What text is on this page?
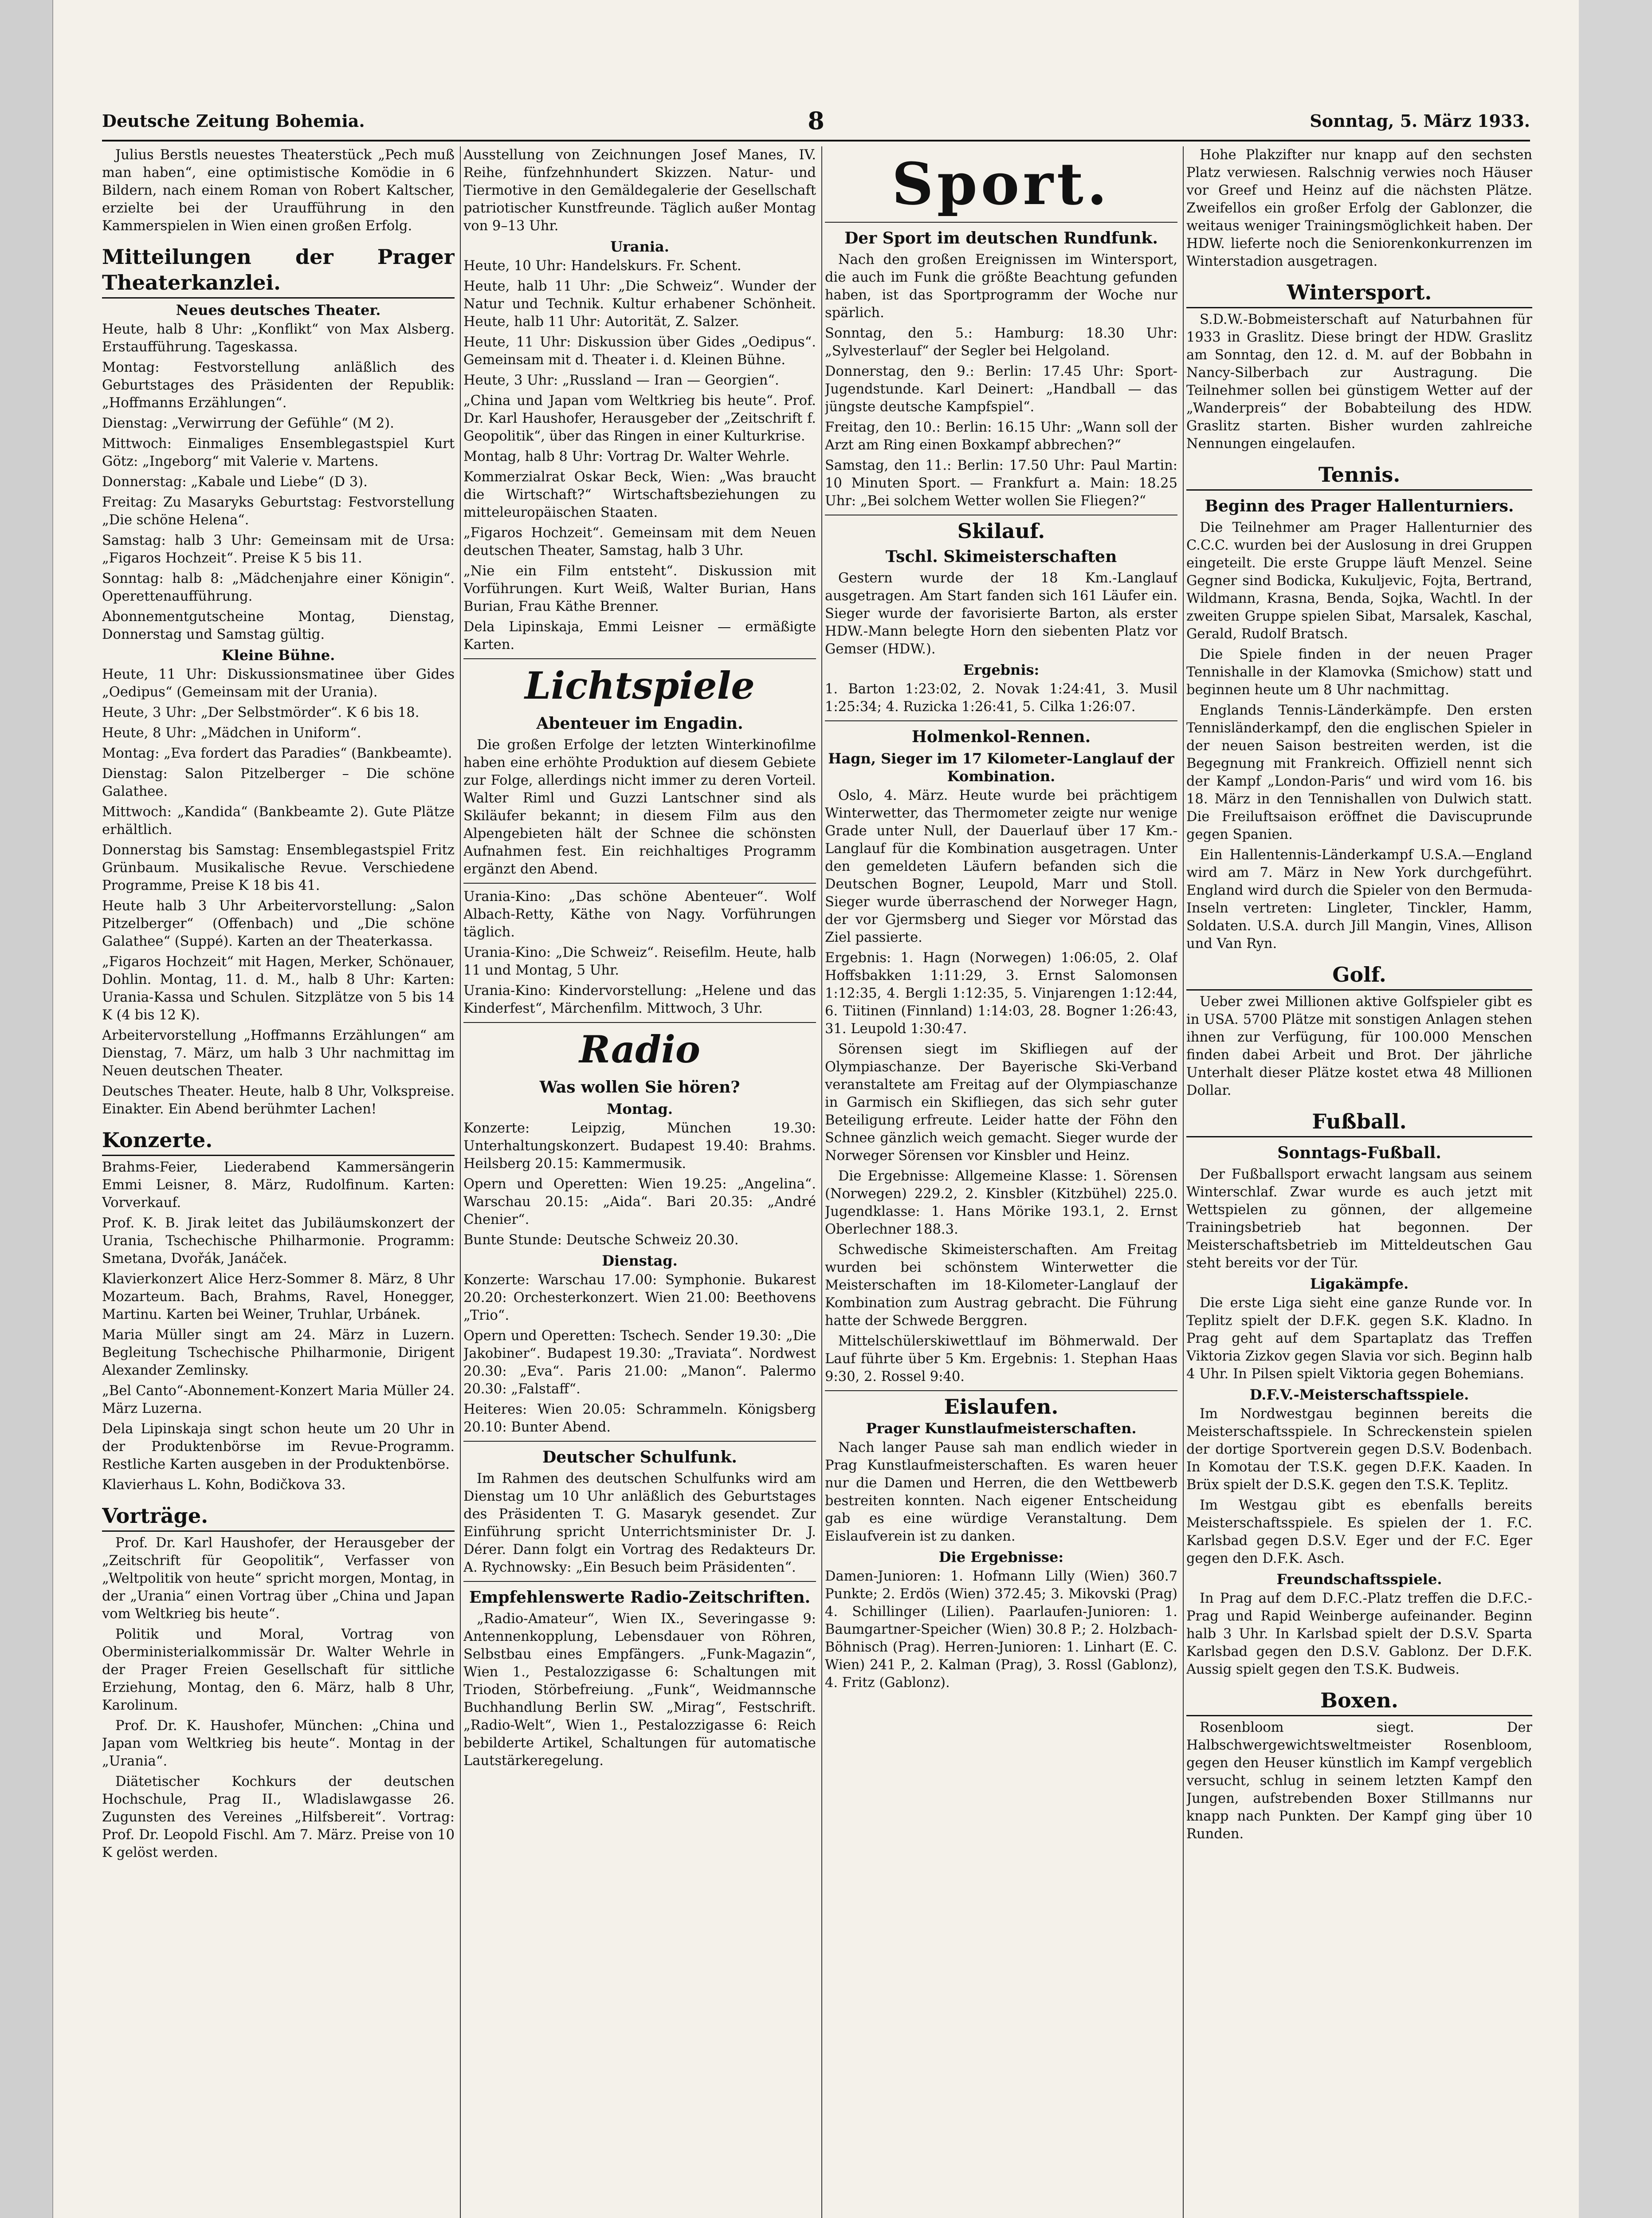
Deutsche Zeitung Bohemia.	8	Sonntag, 5. März 1933.

Julius Berstls neuestes Theaterstück „Pech muß man haben“, eine optimistische Komödie in 6 Bildern, nach einem Roman von Robert Kaltscher, erzielte bei der Uraufführung in den Kammerspielen in Wien einen großen Erfolg.

Mitteilungen der Prager Theaterkanzlei.
Neues deutsches Theater.

Heute, halb 8 Uhr: „Konflikt“ von Max Alsberg. Erstaufführung. Tageskassa.

Montag: Festvorstellung anläßlich des Geburtstages des Präsidenten der Republik: „Hoffmanns Erzählungen“.

Dienstag: „Verwirrung der Gefühle“ (M 2).

Mittwoch: Einmaliges Ensemblegastspiel Kurt Götz: „Ingeborg“ mit Valerie v. Martens.

Donnerstag: „Kabale und Liebe“ (D 3).

Freitag: Zu Masaryks Geburtstag: Festvorstellung „Die schöne Helena“.

Samstag: halb 3 Uhr: Gemeinsam mit de Ursa: „Figaros Hochzeit“. Preise K 5 bis 11.

Sonntag: halb 8: „Mädchenjahre einer Königin“. Operettenaufführung.

Abonnementgutscheine Montag, Dienstag, Donnerstag und Samstag gültig.

Kleine Bühne.

Heute, 11 Uhr: Diskussionsmatinee über Gides „Oedipus“ (Gemeinsam mit der Urania).

Heute, 3 Uhr: „Der Selbstmörder“. K 6 bis 18.

Heute, 8 Uhr: „Mädchen in Uniform“.

Montag: „Eva fordert das Paradies“ (Bankbeamte).

Dienstag: Salon Pitzelberger – Die schöne Galathee.

Mittwoch: „Kandida“ (Bankbeamte 2). Gute Plätze erhältlich.

Donnerstag bis Samstag: Ensemblegastspiel Fritz Grünbaum. Musikalische Revue. Verschiedene Programme, Preise K 18 bis 41.

Heute halb 3 Uhr Arbeitervorstellung: „Salon Pitzelberger“ (Offenbach) und „Die schöne Galathee“ (Suppé). Karten an der Theaterkassa.

„Figaros Hochzeit“ mit Hagen, Merker, Schönauer, Dohlin. Montag, 11. d. M., halb 8 Uhr: Karten: Urania-Kassa und Schulen. Sitzplätze von 5 bis 14 K (4 bis 12 K).

Arbeitervorstellung „Hoffmanns Erzählungen“ am Dienstag, 7. März, um halb 3 Uhr nachmittag im Neuen deutschen Theater.

Deutsches Theater. Heute, halb 8 Uhr, Volkspreise. Einakter. Ein Abend berühmter Lachen!

Konzerte.

Brahms-Feier, Liederabend Kammersängerin Emmi Leisner, 8. März, Rudolfinum. Karten: Vorverkauf.

Prof. K. B. Jirak leitet das Jubiläumskonzert der Urania, Tschechische Philharmonie. Programm: Smetana, Dvořák, Janáček.

Klavierkonzert Alice Herz-Sommer 8. März, 8 Uhr Mozarteum. Bach, Brahms, Ravel, Honegger, Martinu. Karten bei Weiner, Truhlar, Urbánek.

Maria Müller singt am 24. März in Luzern. Begleitung Tschechische Philharmonie, Dirigent Alexander Zemlinsky.

„Bel Canto“-Abonnement-Konzert Maria Müller 24. März Luzerna.

Dela Lipinskaja singt schon heute um 20 Uhr in der Produktenbörse im Revue-Programm. Restliche Karten ausgeben in der Produktenbörse.

Klavierhaus L. Kohn, Bodičkova 33.

Vorträge.

Prof. Dr. Karl Haushofer, der Herausgeber der „Zeitschrift für Geopolitik“, Verfasser von „Weltpolitik von heute“ spricht morgen, Montag, in der „Urania“ einen Vortrag über „China und Japan vom Weltkrieg bis heute“.

Politik und Moral, Vortrag von Oberministerialkommissär Dr. Walter Wehrle in der Prager Freien Gesellschaft für sittliche Erziehung, Montag, den 6. März, halb 8 Uhr, Karolinum.

Prof. Dr. K. Haushofer, München: „China und Japan vom Weltkrieg bis heute“. Montag in der „Urania“.

Diätetischer Kochkurs der deutschen Hochschule, Prag II., Wladislawgasse 26. Zugunsten des Vereines „Hilfsbereit“. Vortrag: Prof. Dr. Leopold Fischl. Am 7. März. Preise von 10 K gelöst werden.

Ausstellung von Zeichnungen Josef Manes, IV. Reihe, fünfzehnhundert Skizzen. Natur- und Tiermotive in den Gemäldegalerie der Gesellschaft patriotischer Kunstfreunde. Täglich außer Montag von 9–13 Uhr.

Urania.

Heute, 10 Uhr: Handelskurs. Fr. Schent.

Heute, halb 11 Uhr: „Die Schweiz“. Wunder der Natur und Technik. Kultur erhabener Schönheit. Heute, halb 11 Uhr: Autorität, Z. Salzer.

Heute, 11 Uhr: Diskussion über Gides „Oedipus“. Gemeinsam mit d. Theater i. d. Kleinen Bühne.

Heute, 3 Uhr: „Russland — Iran — Georgien“.

„China und Japan vom Weltkrieg bis heute“. Prof. Dr. Karl Haushofer, Herausgeber der „Zeitschrift f. Geopolitik“, über das Ringen in einer Kulturkrise.

Montag, halb 8 Uhr: Vortrag Dr. Walter Wehrle.

Kommerzialrat Oskar Beck, Wien: „Was braucht die Wirtschaft?“ Wirtschaftsbeziehungen zu mitteleuropäischen Staaten.

„Figaros Hochzeit“. Gemeinsam mit dem Neuen deutschen Theater, Samstag, halb 3 Uhr.

„Nie ein Film entsteht“. Diskussion mit Vorführungen. Kurt Weiß, Walter Burian, Hans Burian, Frau Käthe Brenner.

Dela Lipinskaja, Emmi Leisner — ermäßigte Karten.

Lichtspiele
Abenteuer im Engadin.

Die großen Erfolge der letzten Winterkinofilme haben eine erhöhte Produktion auf diesem Gebiete zur Folge, allerdings nicht immer zu deren Vorteil. Walter Riml und Guzzi Lantschner sind als Skiläufer bekannt; in diesem Film aus den Alpengebieten hält der Schnee die schönsten Aufnahmen fest. Ein reichhaltiges Programm ergänzt den Abend.

Urania-Kino: „Das schöne Abenteuer“. Wolf Albach-Retty, Käthe von Nagy. Vorführungen täglich.

Urania-Kino: „Die Schweiz“. Reisefilm. Heute, halb 11 und Montag, 5 Uhr.

Urania-Kino: Kindervorstellung: „Helene und das Kinderfest“, Märchenfilm. Mittwoch, 3 Uhr.

Radio
Was wollen Sie hören?
Montag.

Konzerte: Leipzig, München 19.30: Unterhaltungskonzert. Budapest 19.40: Brahms. Heilsberg 20.15: Kammermusik.

Opern und Operetten: Wien 19.25: „Angelina“. Warschau 20.15: „Aida“. Bari 20.35: „André Chenier“.

Bunte Stunde: Deutsche Schweiz 20.30.

Dienstag.

Konzerte: Warschau 17.00: Symphonie. Bukarest 20.20: Orchesterkonzert. Wien 21.00: Beethovens „Trio“.

Opern und Operetten: Tschech. Sender 19.30: „Die Jakobiner“. Budapest 19.30: „Traviata“. Nordwest 20.30: „Eva“. Paris 21.00: „Manon“. Palermo 20.30: „Falstaff“.

Heiteres: Wien 20.05: Schrammeln. Königsberg 20.10: Bunter Abend.

Deutscher Schulfunk.

Im Rahmen des deutschen Schulfunks wird am Dienstag um 10 Uhr anläßlich des Geburtstages des Präsidenten T. G. Masaryk gesendet. Zur Einführung spricht Unterrichtsminister Dr. J. Dérer. Dann folgt ein Vortrag des Redakteurs Dr. A. Rychnowsky: „Ein Besuch beim Präsidenten“.

Empfehlenswerte Radio-Zeitschriften.

„Radio-Amateur“, Wien IX., Severingasse 9: Antennenkopplung, Lebensdauer von Röhren, Selbstbau eines Empfängers. „Funk-Magazin“, Wien 1., Pestalozzigasse 6: Schaltungen mit Trioden, Störbefreiung. „Funk“, Weidmannsche Buchhandlung Berlin SW. „Mirag“, Festschrift. „Radio-Welt“, Wien 1., Pestalozzigasse 6: Reich bebilderte Artikel, Schaltungen für automatische Lautstärkeregelung.

Sport.
Der Sport im deutschen Rundfunk.

Nach den großen Ereignissen im Wintersport, die auch im Funk die größte Beachtung gefunden haben, ist das Sportprogramm der Woche nur spärlich.

Sonntag, den 5.: Hamburg: 18.30 Uhr: „Sylvesterlauf“ der Segler bei Helgoland.

Donnerstag, den 9.: Berlin: 17.45 Uhr: Sport-Jugendstunde. Karl Deinert: „Handball — das jüngste deutsche Kampfspiel“.

Freitag, den 10.: Berlin: 16.15 Uhr: „Wann soll der Arzt am Ring einen Boxkampf abbrechen?“

Samstag, den 11.: Berlin: 17.50 Uhr: Paul Martin: 10 Minuten Sport. — Frankfurt a. Main: 18.25 Uhr: „Bei solchem Wetter wollen Sie Fliegen?“

Skilauf.
Tschl. Skimeisterschaften

Gestern wurde der 18 Km.-Langlauf ausgetragen. Am Start fanden sich 161 Läufer ein. Sieger wurde der favorisierte Barton, als erster HDW.-Mann belegte Horn den siebenten Platz vor Gemser (HDW.).

Ergebnis:

1. Barton 1:23:02, 2. Novak 1:24:41, 3. Musil 1:25:34; 4. Ruzicka 1:26:41, 5. Cilka 1:26:07.

Holmenkol-Rennen.
Hagn, Sieger im 17 Kilometer-Langlauf der Kombination.

Oslo, 4. März. Heute wurde bei prächtigem Winterwetter, das Thermometer zeigte nur wenige Grade unter Null, der Dauerlauf über 17 Km.-Langlauf für die Kombination ausgetragen. Unter den gemeldeten Läufern befanden sich die Deutschen Bogner, Leupold, Marr und Stoll. Sieger wurde überraschend der Norweger Hagn, der vor Gjermsberg und Sieger vor Mörstad das Ziel passierte.

Ergebnis: 1. Hagn (Norwegen) 1:06:05, 2. Olaf Hoffsbakken 1:11:29, 3. Ernst Salomonsen 1:12:35, 4. Bergli 1:12:35, 5. Vinjarengen 1:12:44, 6. Tiitinen (Finnland) 1:14:03, 28. Bogner 1:26:43, 31. Leupold 1:30:47.

Sörensen siegt im Skifliegen auf der Olympiaschanze. Der Bayerische Ski-Verband veranstaltete am Freitag auf der Olympiaschanze in Garmisch ein Skifliegen, das sich sehr guter Beteiligung erfreute. Leider hatte der Föhn den Schnee gänzlich weich gemacht. Sieger wurde der Norweger Sörensen vor Kinsbler und Heinz.

Die Ergebnisse: Allgemeine Klasse: 1. Sörensen (Norwegen) 229.2, 2. Kinsbler (Kitzbühel) 225.0. Jugendklasse: 1. Hans Mörike 193.1, 2. Ernst Oberlechner 188.3.

Schwedische Skimeisterschaften. Am Freitag wurden bei schönstem Winterwetter die Meisterschaften im 18-Kilometer-Langlauf der Kombination zum Austrag gebracht. Die Führung hatte der Schwede Berggren.

Mittelschülerskiwettlauf im Böhmerwald. Der Lauf führte über 5 Km. Ergebnis: 1. Stephan Haas 9:30, 2. Rossel 9:40.

Eislaufen.
Prager Kunstlaufmeisterschaften.

Nach langer Pause sah man endlich wieder in Prag Kunstlaufmeisterschaften. Es waren heuer nur die Damen und Herren, die den Wettbewerb bestreiten konnten. Nach eigener Entscheidung gab es eine würdige Veranstaltung. Dem Eislaufverein ist zu danken.

Die Ergebnisse:

Damen-Junioren: 1. Hofmann Lilly (Wien) 360.7 Punkte; 2. Erdös (Wien) 372.45; 3. Mikovski (Prag) 4. Schillinger (Lilien). Paarlaufen-Junioren: 1. Baumgartner-Speicher (Wien) 30.8 P.; 2. Holzbach-Böhnisch (Prag). Herren-Junioren: 1. Linhart (E. C. Wien) 241 P., 2. Kalman (Prag), 3. Rossl (Gablonz), 4. Fritz (Gablonz).

Hohe Plakzifter nur knapp auf den sechsten Platz verwiesen. Ralschnig verwies noch Häuser vor Greef und Heinz auf die nächsten Plätze. Zweifellos ein großer Erfolg der Gablonzer, die weitaus weniger Trainingsmöglichkeit haben. Der HDW. lieferte noch die Seniorenkonkurrenzen im Winterstadion ausgetragen.

Wintersport.

S.D.W.-Bobmeisterschaft auf Naturbahnen für 1933 in Graslitz. Diese bringt der HDW. Graslitz am Sonntag, den 12. d. M. auf der Bobbahn in Nancy-Silberbach zur Austragung. Die Teilnehmer sollen bei günstigem Wetter auf der „Wanderpreis“ der Bobabteilung des HDW. Graslitz starten. Bisher wurden zahlreiche Nennungen eingelaufen.

Tennis.
Beginn des Prager Hallenturniers.

Die Teilnehmer am Prager Hallenturnier des C.C.C. wurden bei der Auslosung in drei Gruppen eingeteilt. Die erste Gruppe läuft Menzel. Seine Gegner sind Bodicka, Kukuljevic, Fojta, Bertrand, Wildmann, Krasna, Benda, Sojka, Wachtl. In der zweiten Gruppe spielen Sibat, Marsalek, Kaschal, Gerald, Rudolf Bratsch.

Die Spiele finden in der neuen Prager Tennishalle in der Klamovka (Smichow) statt und beginnen heute um 8 Uhr nachmittag.

Englands Tennis-Länderkämpfe. Den ersten Tennisländerkampf, den die englischen Spieler in der neuen Saison bestreiten werden, ist die Begegnung mit Frankreich. Offiziell nennt sich der Kampf „London-Paris“ und wird vom 16. bis 18. März in den Tennishallen von Dulwich statt. Die Freiluftsaison eröffnet die Daviscuprunde gegen Spanien.

Ein Hallentennis-Länderkampf U.S.A.—England wird am 7. März in New York durchgeführt. England wird durch die Spieler von den Bermuda-Inseln vertreten: Lingleter, Tinckler, Hamm, Soldaten. U.S.A. durch Jill Mangin, Vines, Allison und Van Ryn.

Golf.

Ueber zwei Millionen aktive Golfspieler gibt es in USA. 5700 Plätze mit sonstigen Anlagen stehen ihnen zur Verfügung, für 100.000 Menschen finden dabei Arbeit und Brot. Der jährliche Unterhalt dieser Plätze kostet etwa 48 Millionen Dollar.

Fußball.
Sonntags-Fußball.

Der Fußballsport erwacht langsam aus seinem Winterschlaf. Zwar wurde es auch jetzt mit Wettspielen zu gönnen, der allgemeine Trainingsbetrieb hat begonnen. Der Meisterschaftsbetrieb im Mitteldeutschen Gau steht bereits vor der Tür.

Ligakämpfe.

Die erste Liga sieht eine ganze Runde vor. In Teplitz spielt der D.F.K. gegen S.K. Kladno. In Prag geht auf dem Spartaplatz das Treffen Viktoria Zizkov gegen Slavia vor sich. Beginn halb 4 Uhr. In Pilsen spielt Viktoria gegen Bohemians.

D.F.V.-Meisterschaftsspiele.

Im Nordwestgau beginnen bereits die Meisterschaftsspiele. In Schreckenstein spielen der dortige Sportverein gegen D.S.V. Bodenbach. In Komotau der T.S.K. gegen D.F.K. Kaaden. In Brüx spielt der D.S.K. gegen den T.S.K. Teplitz.

Im Westgau gibt es ebenfalls bereits Meisterschaftsspiele. Es spielen der 1. F.C. Karlsbad gegen D.S.V. Eger und der F.C. Eger gegen den D.F.K. Asch.

Freundschaftsspiele.

In Prag auf dem D.F.C.-Platz treffen die D.F.C.-Prag und Rapid Weinberge aufeinander. Beginn halb 3 Uhr. In Karlsbad spielt der D.S.V. Sparta Karlsbad gegen den D.S.V. Gablonz. Der D.F.K. Aussig spielt gegen den T.S.K. Budweis.

Boxen.

Rosenbloom siegt. Der Halbschwergewichtsweltmeister Rosenbloom, gegen den Heuser künstlich im Kampf vergeblich versucht, schlug in seinem letzten Kampf den Jungen, aufstrebenden Boxer Stillmanns nur knapp nach Punkten. Der Kampf ging über 10 Runden.
